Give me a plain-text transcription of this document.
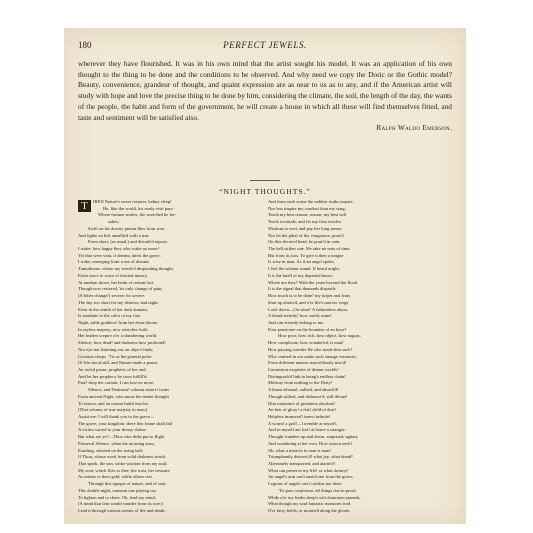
180	PERFECT JEWELS.

wherever they have flourished. It was in his own mind that the artist sought his model. It was an application of his own thought to the thing to be done and the conditions to be observed. And why need we copy the Doric or the Gothic model? Beauty, convenience, grandeur of thought, and quaint expression are as near to us as to any, and if the American artist will study with hope and love the precise thing to be done by him, considering the climate, the soil, the length of the day, the wants of the people, the habit and form of the government, he will create a house in which all these will find themselves fitted, and taste and sentiment will be satisfied also.

Ralph Waldo Emerson.

“NIGHT THOUGHTS.”
T	IRED Nature's sweet restorer, balmy sleep!
He, like the world, his ready visit pays
Where fortune smiles; the wretched he for-
sakes;
Swift on his downy pinion flies from woe,
And lights on lids unsullied with a tear.
From short, (as usual,) and disturb'd repose,
I wake: how happy they who wake no more!
Yet that were vain, if dreams infest the grave.
I wake, emerging from a sea of dreams
Tumultuous; where my wreck'd desponding thought,
From wave to wave of fancied misery,
At random drove, her helm of reason lost.
Though now restored, 'tis only change of pain,
(A bitter change!) severer for severe.
The day too short for my distress; and night,
Even in the zenith of her dark domain,
Is sunshine to the color of my fate.
Night, sable goddess! from her ebon throne,
In rayless majesty, now stretches forth
Her leaden sceptre o'er a slumbering world.
Silence, how dead! and darkness how profound!
Nor eye nor listening ear, an object finds;
Creation sleeps. 'Tis as the general pulse
Of life stood still, and Nature made a pause,
An awful pause, prophetic of her end.
And let her prophecy be soon fulfill'd:
Fate! drop the curtain: I can lose no more.
Silence, and Darkness! solemn sisters! twins
From ancient Night, who nurse the tender thought
To reason, and on reason build resolve,
(That column of true majesty in man,)
Assist me: I will thank you in the grave—
The grave, your kingdom: there this frame shall fall
A victim sacred to your dreary shrine.
But what are ye?—Thou who didst put to flight
Primeval Silence, when the morning stars,
Exulting, shouted on the rising ball;
O Thou, whose word from solid darkness struck
That spark, the sun, strike wisdom from my soul;
My soul, which flies to thee, her trust, her treasure
As misers to their gold, while others rest.
Through this opaque of nature, and of soul,
This double night, transmit one pitying ray,
To lighten and to cheer. Oh, lead my mind;
(A mind that fain would wander from its woe;)
Lead it through various scenes of life and death;
And from each scene the noblest truths inspire.
Nor less inspire my conduct than my song;
Teach my best reason, reason; my best will
Teach rectitude; and fix my firm resolve
Wisdom to wed, and pay her long arrear;
Nor let the phial of thy vengeance, pour'd
On this devoted head, be pour'd in vain.
The bell strikes one. We take no note of time,
But from its loss. To give it then a tongue
Is wise in man. As if an angel spoke,
I feel the solemn sound. If heard aright,
It is the knell of my departed hours:
Where are they? With the years beyond the flood
It is the signal that demands dispatch:
How much is to be done! my hopes and fears
Start up alarm'd, and o'er life's narrow verge
Look down—On what? A fathomless abyss;
A dread eternity! how surely mine!
And can eternity belong to me,
Poor pensioner on the bounties of an hour?
How poor, how rich, how abject, how august,
How complicate, how wonderful, is man!
How passing wonder He who made him such!
Who centred in our make such strange extremes,
From different natures marvellously mix'd!
Connexion exquisite of distant worlds!
Distinguish'd link in being's endless chain!
Midway from nothing to the Deity!
A beam ethereal, sullied, and absorb'd!
Though sullied, and dishonor'd, still divine!
Dim miniature of greatness absolute!
An heir of glory! a frail child of dust!
Helpless immortal! insect infinite!
A worm! a god!—I tremble at myself,
And in myself am lost! at home a stranger:
Thought wanders up and down, surprised, aghast,
And wondering at her own. How reason reels!
Oh, what a miracle to man is man!
Triumphantly distress'd! what joy, what dread!
Alternately transported, and alarm'd!
What can preserve my life! or what destroy!
An angel's arm can't snatch me from the grave;
Legions of angels can't confine me there.
'Tis past conjecture; all things rise in proof;
While o'er my limbs sleep's soft dominion spreads,
What though my soul fantastic measures trod
O'er fairy fields; or mourn'd along the gloom
